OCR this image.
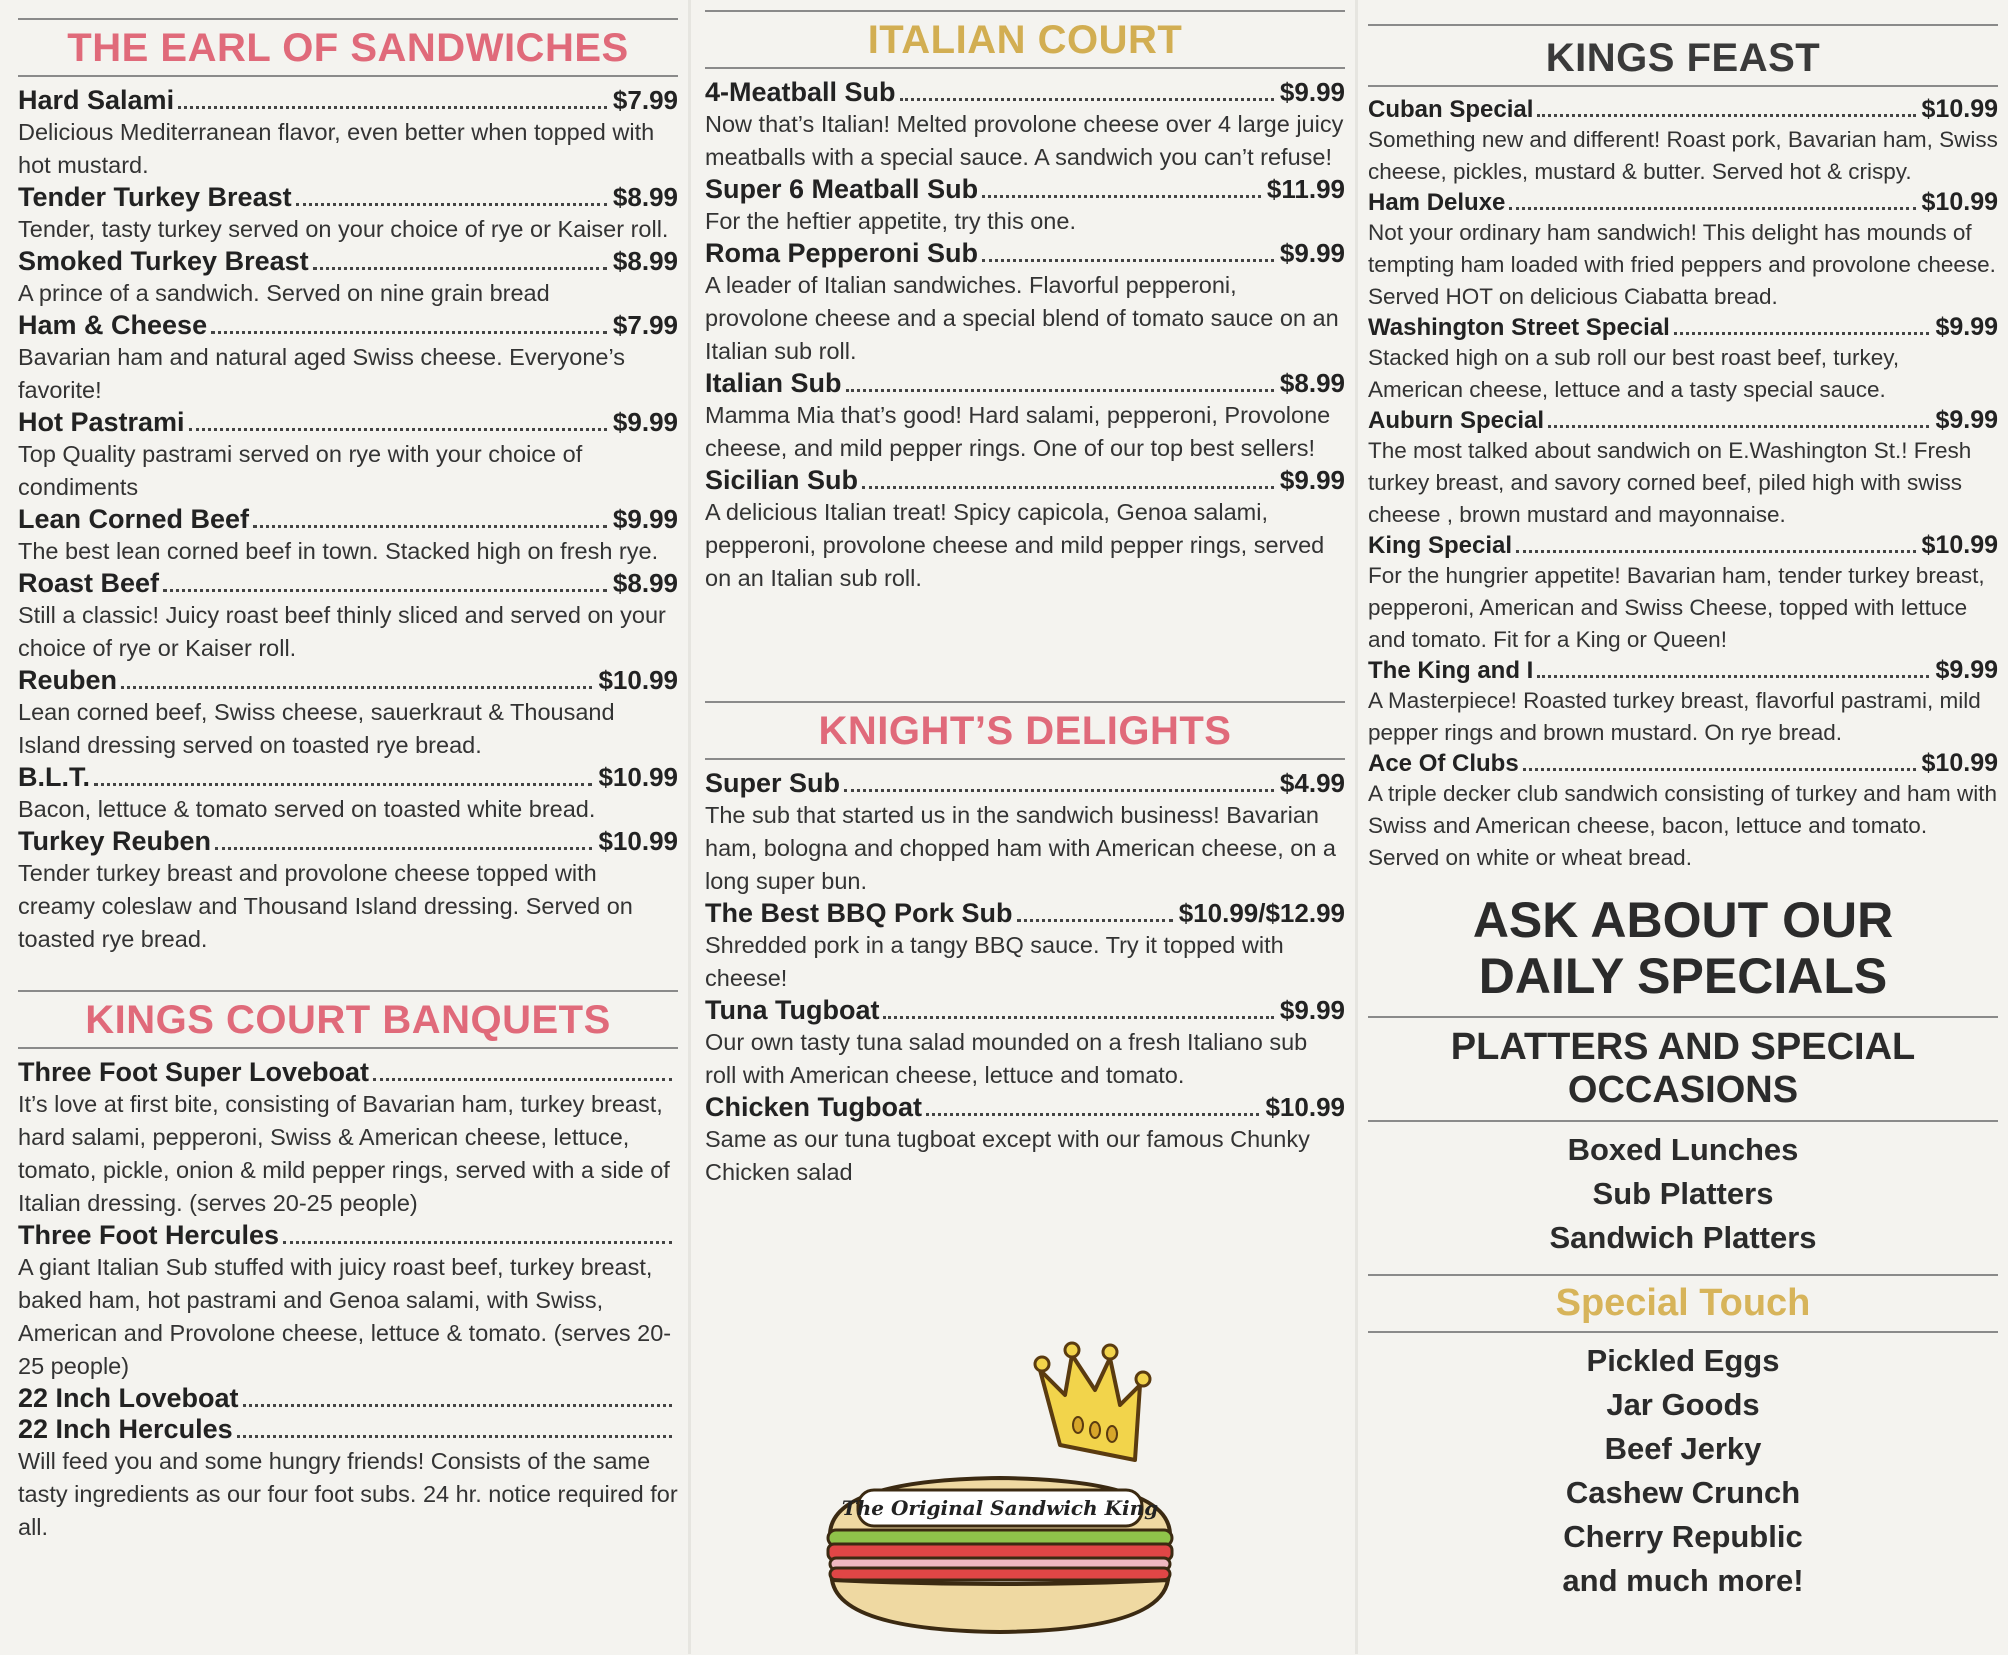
THE EARL OF SANDWICHES
Hard Salami	$7.99
Delicious Mediterranean flavor, even better when topped with hot mustard.
Tender Turkey Breast	$8.99
Tender, tasty turkey served on your choice of rye or Kaiser roll.
Smoked Turkey Breast	$8.99
A prince of a sandwich. Served on nine grain bread
Ham & Cheese	$7.99
Bavarian ham and natural aged Swiss cheese. Everyone’s favorite!
Hot Pastrami	$9.99
Top Quality pastrami served on rye with your choice of condiments
Lean Corned Beef	$9.99
The best lean corned beef in town. Stacked high on fresh rye.
Roast Beef	$8.99
Still a classic! Juicy roast beef thinly sliced and served on your choice of rye or Kaiser roll.
Reuben	$10.99
Lean corned beef, Swiss cheese, sauerkraut & Thousand Island dressing served on toasted rye bread.
B.L.T.	$10.99
Bacon, lettuce & tomato served on toasted white bread.
Turkey Reuben	$10.99
Tender turkey breast and provolone cheese topped with creamy coleslaw and Thousand Island dressing. Served on toasted rye bread.
KINGS COURT BANQUETS
Three Foot Super Loveboat
It’s love at first bite, consisting of Bavarian ham, turkey breast, hard salami, pepperoni, Swiss & American cheese, lettuce, tomato, pickle, onion & mild pepper rings, served with a side of Italian dressing. (serves 20-25 people)
Three Foot Hercules
A giant Italian Sub stuffed with juicy roast beef, turkey breast, baked ham, hot pastrami and Genoa salami, with Swiss, American and Provolone cheese, lettuce & tomato. (serves 20-25 people)
22 Inch Loveboat
22 Inch Hercules
Will feed you and some hungry friends! Consists of the same tasty ingredients as our four foot subs. 24 hr. notice required for all.
ITALIAN COURT
4-Meatball Sub	$9.99
Now that’s Italian! Melted provolone cheese over 4 large juicy meatballs with a special sauce. A sandwich you can’t refuse!
Super 6 Meatball Sub	$11.99
For the heftier appetite, try this one.
Roma Pepperoni Sub	$9.99
A leader of Italian sandwiches. Flavorful pepperoni, provolone cheese and a special blend of tomato sauce on an Italian sub roll.
Italian Sub	$8.99
Mamma Mia that’s good! Hard salami, pepperoni, Provolone cheese, and mild pepper rings. One of our top best sellers!
Sicilian Sub	$9.99
A delicious Italian treat! Spicy capicola, Genoa salami, pepperoni, provolone cheese and mild pepper rings, served on an Italian sub roll.
KNIGHT’S DELIGHTS
Super Sub	$4.99
The sub that started us in the sandwich business! Bavarian ham, bologna and chopped ham with American cheese, on a long super bun.
The Best BBQ Pork Sub	$10.99/$12.99
Shredded pork in a tangy BBQ sauce. Try it topped with cheese!
Tuna Tugboat	$9.99
Our own tasty tuna salad mounded on a fresh Italiano sub roll with American cheese, lettuce and tomato.
Chicken Tugboat	$10.99
Same as our tuna tugboat except with our famous Chunky Chicken salad
The Original Sandwich King
KINGS FEAST
Cuban Special	$10.99
Something new and different! Roast pork, Bavarian ham, Swiss cheese, pickles, mustard & butter. Served hot & crispy.
Ham Deluxe	$10.99
Not your ordinary ham sandwich! This delight has mounds of tempting ham loaded with fried peppers and provolone cheese. Served HOT on delicious Ciabatta bread.
Washington Street Special	$9.99
Stacked high on a sub roll our best roast beef, turkey, American cheese, lettuce and a tasty special sauce.
Auburn Special	$9.99
The most talked about sandwich on E.Washington St.! Fresh turkey breast, and savory corned beef, piled high with swiss cheese , brown mustard and mayonnaise.
King Special	$10.99
For the hungrier appetite! Bavarian ham, tender turkey breast, pepperoni, American and Swiss Cheese, topped with lettuce and tomato. Fit for a King or Queen!
The King and I	$9.99
A Masterpiece! Roasted turkey breast, flavorful pastrami, mild pepper rings and brown mustard. On rye bread.
Ace Of Clubs	$10.99
A triple decker club sandwich consisting of turkey and ham with Swiss and American cheese, bacon, lettuce and tomato. Served on white or wheat bread.
ASK ABOUT OUR
DAILY SPECIALS
PLATTERS AND SPECIAL OCCASIONS
Boxed Lunches
Sub Platters
Sandwich Platters
Special Touch
Pickled Eggs
Jar Goods
Beef Jerky
Cashew Crunch
Cherry Republic
and much more!
